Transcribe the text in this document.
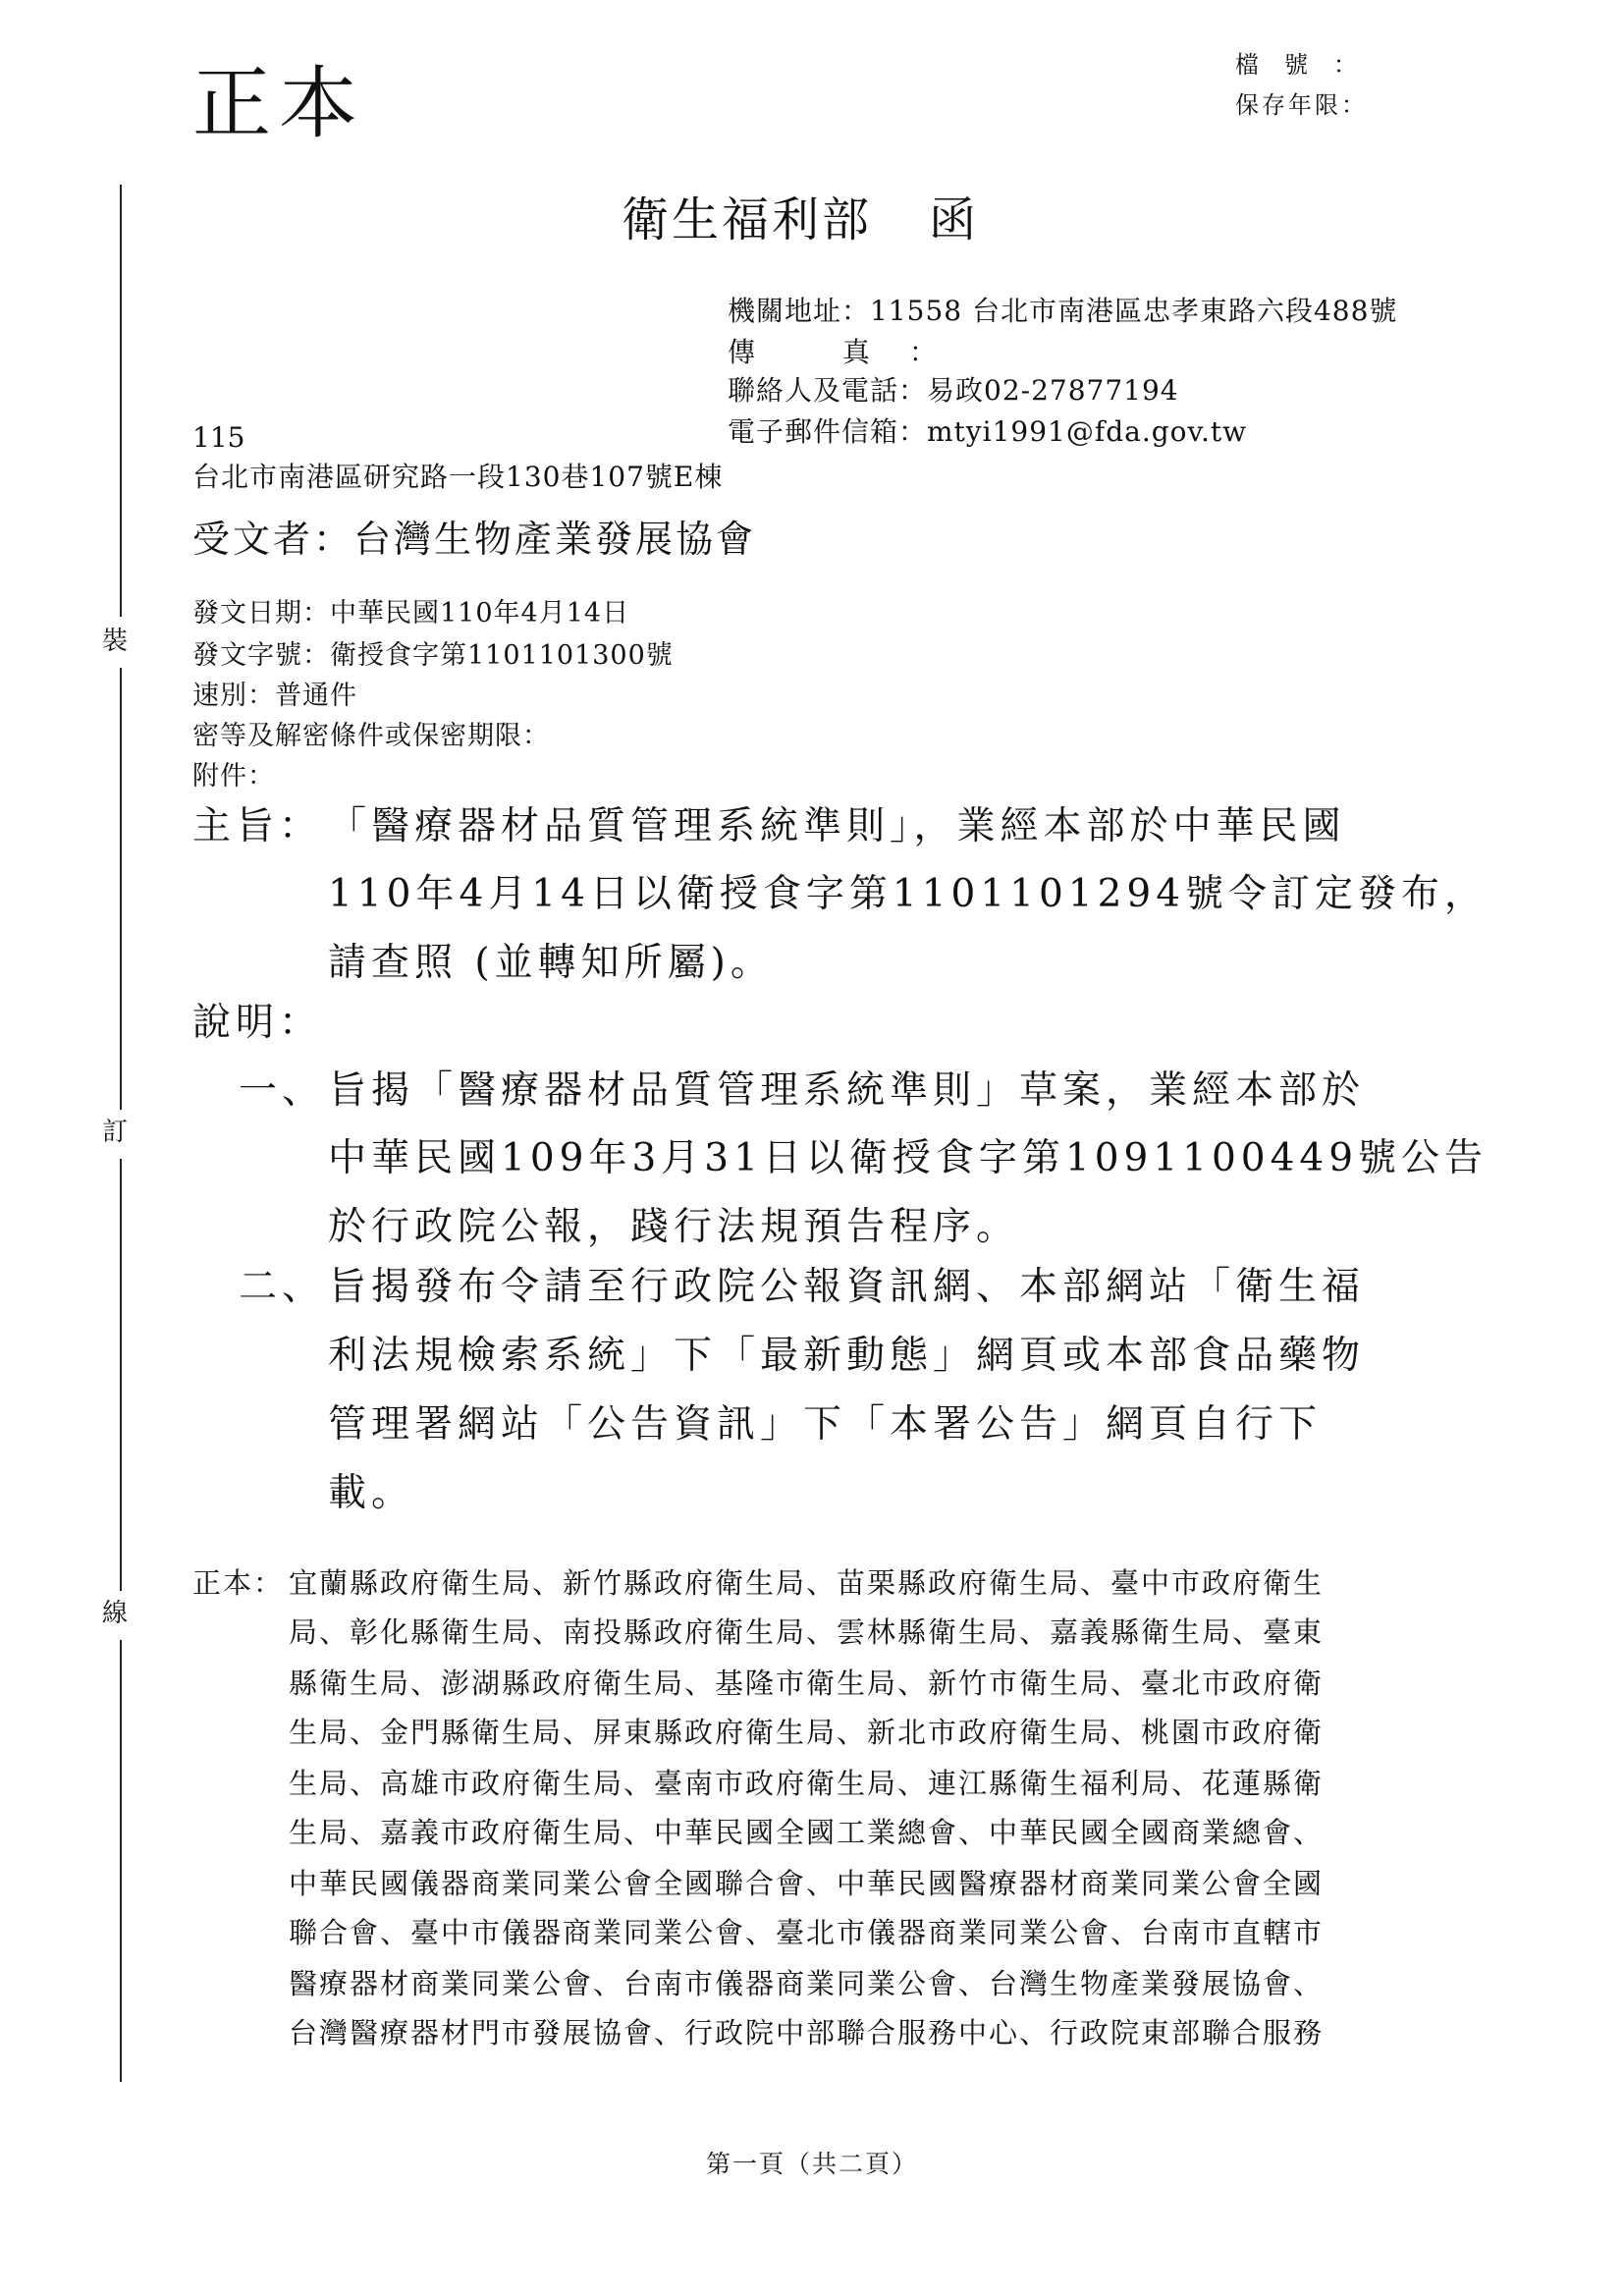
正本	檔號：
保存年限：
裝
訂
線
衛生福利部 函
機關地址：11558 台北市南港區忠孝東路六段488號
傳 真：
聯絡人及電話：易政02-27877194
電子郵件信箱：mtyi1991@fda.gov.tw
115
台北市南港區研究路一段130巷107號E棟
受文者：台灣生物產業發展協會
發文日期：中華民國110年4月14日
發文字號：衛授食字第1101101300號
速別：普通件
密等及解密條件或保密期限：
附件：
主旨： 「醫療器材品質管理系統準則」，業經本部於中華民國
110年4月14日以衛授食字第1101101294號令訂定發布，
請查照 (並轉知所屬)。
說明：
一、 旨揭「醫療器材品質管理系統準則」草案，業經本部於
中華民國109年3月31日以衛授食字第1091100449號公告
於行政院公報，踐行法規預告程序。
二、 旨揭發布令請至行政院公報資訊網、本部網站「衛生福
利法規檢索系統」下「最新動態」網頁或本部食品藥物
管理署網站「公告資訊」下「本署公告」網頁自行下
載。
正本： 宜蘭縣政府衛生局、新竹縣政府衛生局、苗栗縣政府衛生局、臺中市政府衛生
局、彰化縣衛生局、南投縣政府衛生局、雲林縣衛生局、嘉義縣衛生局、臺東
縣衛生局、澎湖縣政府衛生局、基隆市衛生局、新竹市衛生局、臺北市政府衛
生局、金門縣衛生局、屏東縣政府衛生局、新北市政府衛生局、桃園市政府衛
生局、高雄市政府衛生局、臺南市政府衛生局、連江縣衛生福利局、花蓮縣衛
生局、嘉義市政府衛生局、中華民國全國工業總會、中華民國全國商業總會、
中華民國儀器商業同業公會全國聯合會、中華民國醫療器材商業同業公會全國
聯合會、臺中市儀器商業同業公會、臺北市儀器商業同業公會、台南市直轄市
醫療器材商業同業公會、台南市儀器商業同業公會、台灣生物產業發展協會、
台灣醫療器材門市發展協會、行政院中部聯合服務中心、行政院東部聯合服務
第一頁（共二頁）
